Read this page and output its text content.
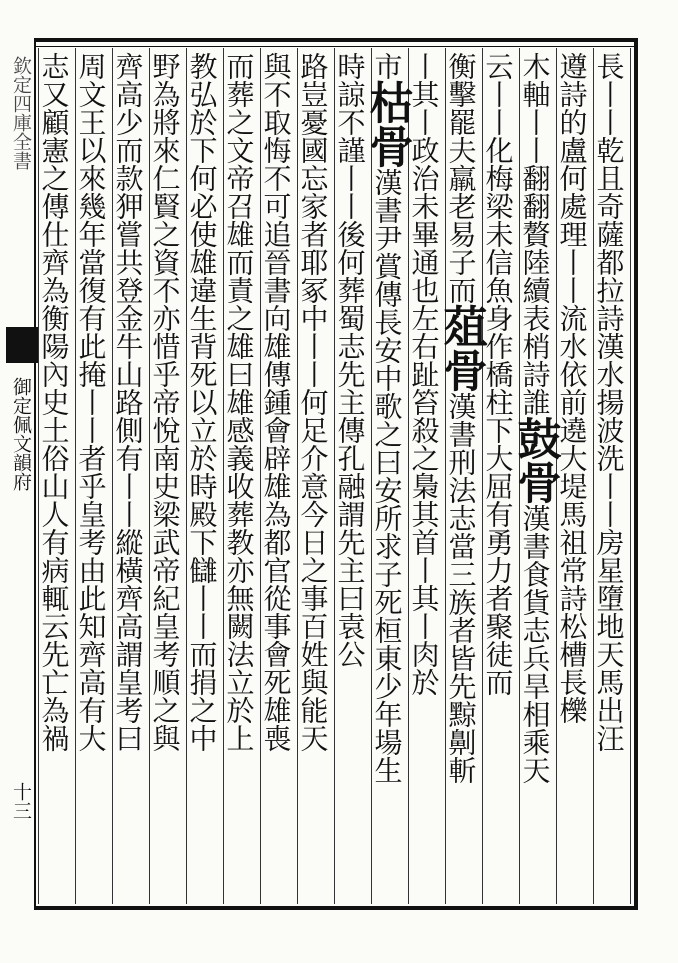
欽定四庫全書
御定佩文韻府
十三
長丨丨乾且奇薩都拉詩漢水揚波洗丨丨房星墮地天馬出汪
遵詩的盧何處理丨丨流水依前遶大堤馬祖常詩松槽長櫟
木軸丨丨翻翻贅陸續表梢詩誰鼓骨漢書食貨志兵旱相乘天
云丨丨化梅梁未信魚身作橋柱下大屈有勇力者聚徒而
衡擊罷夫羸老易子而葅骨漢書刑法志當三族者皆先黥劓斬
丨其丨政治未畢通也左右趾笞殺之梟其首丨其丨肉於
市枯骨漢書尹賞傳長安中歌之曰安所求子死桓東少年場生
時諒不謹丨丨後何葬蜀志先主傳孔融謂先主曰袁公
路豈憂國忘家者耶冢中丨丨何足介意今日之事百姓與能天
與不取悔不可追晉書向雄傳鍾會辟雄為都官從事會死雄喪
而葬之文帝召雄而責之雄曰雄感義收葬教亦無闕法立於上
教弘於下何必使雄違生背死以立於時殿下讎丨丨而捐之中
野為將來仁賢之資不亦惜乎帝悅南史梁武帝紀皇考順之與
齊高少而款狎嘗共登金牛山路側有丨丨縱橫齊高謂皇考曰
周文王以來幾年當復有此掩丨丨者乎皇考由此知齊高有大
志又顧憲之傳仕齊為衡陽內史土俗山人有病輒云先亡為禍
